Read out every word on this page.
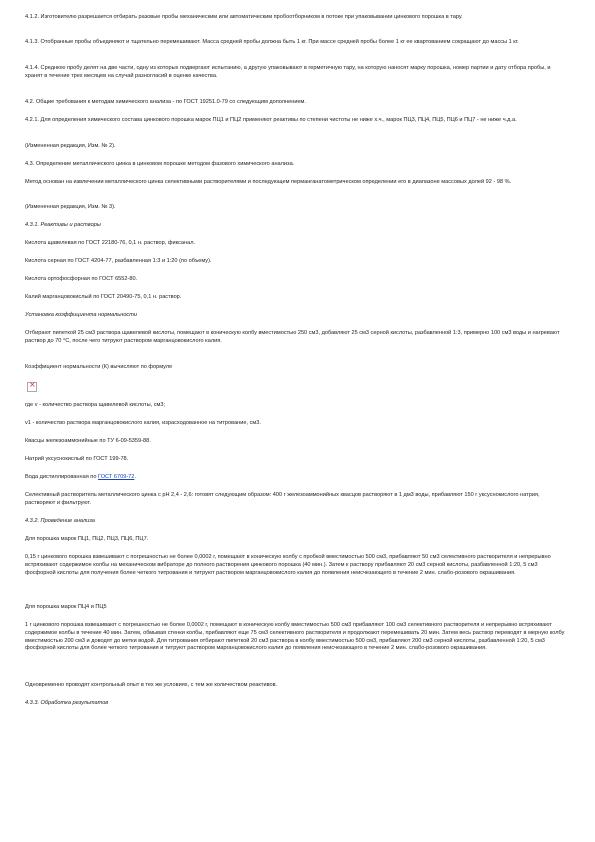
4.1.2. Изготовителю разрешается отбирать разовые пробы механическим или автоматическим пробоотборником в потоке при упаковывании цинкового порошка в тару.

4.1.3. Отобранные пробы объединяют и тщательно перемешивают. Масса средней пробы должна быть 1 кг. При массе средней пробы более 1 кг ее квартованием сокращают до массы 1 кг.

4.1.4. Среднюю пробу делят на две части, одну из которых подвергают испытанию, а другую упаковывают в герметичную тару, на которую наносят марку порошка, номер партии и дату отбора пробы, и хранят в течение трех месяцев на случай разногласий в оценке качества.

4.2. Общие требования к методам химического анализа - по ГОСТ 19251.0-79 со следующим дополнением.

4.2.1. Для определения химического состава цинкового порошка марок ПЦ1 и ПЦ2 применяют реактивы по степени чистоты не ниже х.ч., марок ПЦ3, ПЦ4, ПЦ5, ПЦ6 и ПЦ7 - не ниже ч.д.а.

(Измененная редакция, Изм. № 2).

4.3. Определение металлического цинка в цинковом порошке методом фазового химического анализа.

Метод основан на извлечении металлического цинка селективными растворителями и последующем перманганатометрическом определении его в диапазоне массовых долей 92 - 98 %.

(Измененная редакция, Изм. № 3).

4.3.1. Реактивы и растворы

Кислота щавелевая по ГОСТ 22180-76, 0,1 н. раствор, фиксанал.

Кислота серная по ГОСТ 4204-77, разбавленная 1:3 и 1:20 (по объему).

Кислота ортофосфорная по ГОСТ 6552-80.

Калий марганцовокислый по ГОСТ 20490-75, 0,1 н. раствор.

Установка коэффициента нормальности

Отбирают пипеткой 25 см3 раствора щавелевой кислоты, помещают в коническую колбу вместимостью 250 см3, добавляют 25 см3 серной кислоты, разбавленной 1:3, примерно 100 см3 воды и нагревают раствор до 70 °С, после чего титруют раствором марганцовокислого калия.

Коэффициент нормальности (К) вычисляют по формуле

×

где v - количество раствора щавелевой кислоты, см3;

v1 - количество раствора марганцовокислого калия, израсходованное на титрование, см3.

Квасцы железоаммонийные по ТУ 6-09-5359-88.

Натрий уксуснокислый по ГОСТ 199-78.

Вода дистиллированная по ГОСТ 6709-72.

Селективный растворитель металлического цинка с рН 2,4 - 2,6: готовят следующим образом: 400 г железоаммонийных квасцов растворяют в 1 дм3 воды, прибавляют 150 г уксуснокислого натрия, растворяют и фильтруют.

4.3.2. Проведение анализа

Для порошка марок ПЦ1, ПЦ2, ПЦ3, ПЦ6, ПЦ7.

0,15 г цинкового порошка взвешивают с погрешностью не более 0,0002 г, помещают в коническую колбу с пробкой вместимостью 500 см3, прибавляют 50 см3 селективного растворителя и непрерывно встряхивают содержимое колбы на механическом вибраторе до полного растворения цинкового порошка (40 мин.). Затем к раствору прибавляют 20 см3 серной кислоты, разбавленной 1:20, 5 см3 фосфорной кислоты для получения более четкого титрования и титруют раствором марганцовокислого калия до появления неисчезающего в течение 2 мин. слабо-розового окрашивания.

Для порошка марок ПЦ4 и ПЦ5

1 г цинкового порошка взвешивают с погрешностью не более 0,0002 г, помещают в коническую колбу вместимостью 500 см3 прибавляют 100 см3 селективного растворителя и непрерывно встряхивают содержимое колбы в течение 40 мин. Затем, обмывая стенки колбы, прибавляют еще 75 см3 селективного растворителя и продолжают перемешивать 20 мин. Затем весь раствор переводят в мерную колбу вместимостью 200 см3 и доводят до метки водой. Для титрования отбирают пипеткой 20 см3 раствора в колбу вместимостью 500 см3, прибавляют 200 см3 серной кислоты, разбавленной 1:20, 5 см3 фосфорной кислоты для более четкого титрования и титруют раствором марганцовокислого калия до появления неисчезающего в течение 2 мин. слабо-розового окрашивания.

Одновременно проводят контрольный опыт в тех же условиях, с тем же количеством реактивов.

4.3.3. Обработка результатов
